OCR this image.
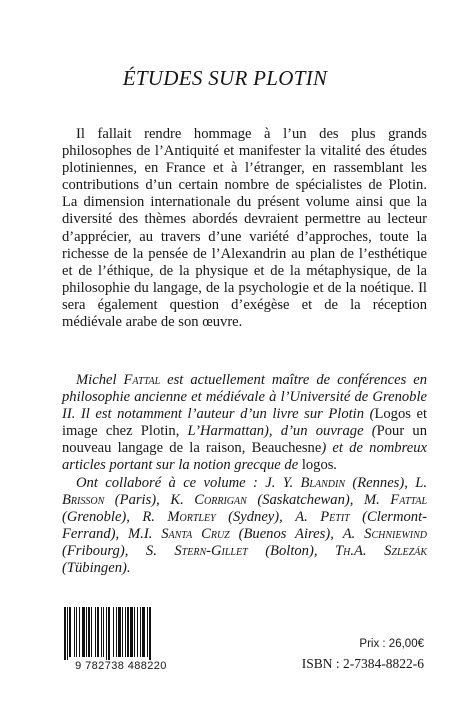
ÉTUDES SUR PLOTIN

Il fallait rendre hommage à l’un des plus grands philosophes de l’Antiquité et manifester la vitalité des études plotiniennes, en France et à l’étranger, en rassemblant les contributions d’un certain nombre de spécialistes de Plotin. La dimension internationale du présent volume ainsi que la diversité des thèmes abordés devraient permettre au lecteur d’apprécier, au travers d’une variété d’approches, toute la richesse de la pensée de l’Alexandrin au plan de l’esthétique et de l’éthique, de la physique et de la métaphysique, de la philosophie du langage, de la psychologie et de la noétique. Il sera également question d’exégèse et de la réception médiévale arabe de son œuvre.

Michel Fattal est actuellement maître de conférences en philosophie ancienne et médiévale à l’Université de Grenoble II. Il est notamment l’auteur d’un livre sur Plotin (Logos et image chez Plotin, L’Harmattan), d’un ouvrage (Pour un nouveau langage de la raison, Beauchesne) et de nombreux articles portant sur la notion grecque de logos.

Ont collaboré à ce volume : J. Y. Blandin (Rennes), L. Brisson (Paris), K. Corrigan (Saskatchewan), M. Fattal (Grenoble), R. Mortley (Sydney), A. Petit (Clermont-Ferrand), M.I. Santa Cruz (Buenos Aires), A. Schniewind (Fribourg), S. Stern-Gillet (Bolton), Th.A. Szlezák (Tübingen).

9 782738 488220
Prix : 26,00€
ISBN : 2-7384-8822-6
